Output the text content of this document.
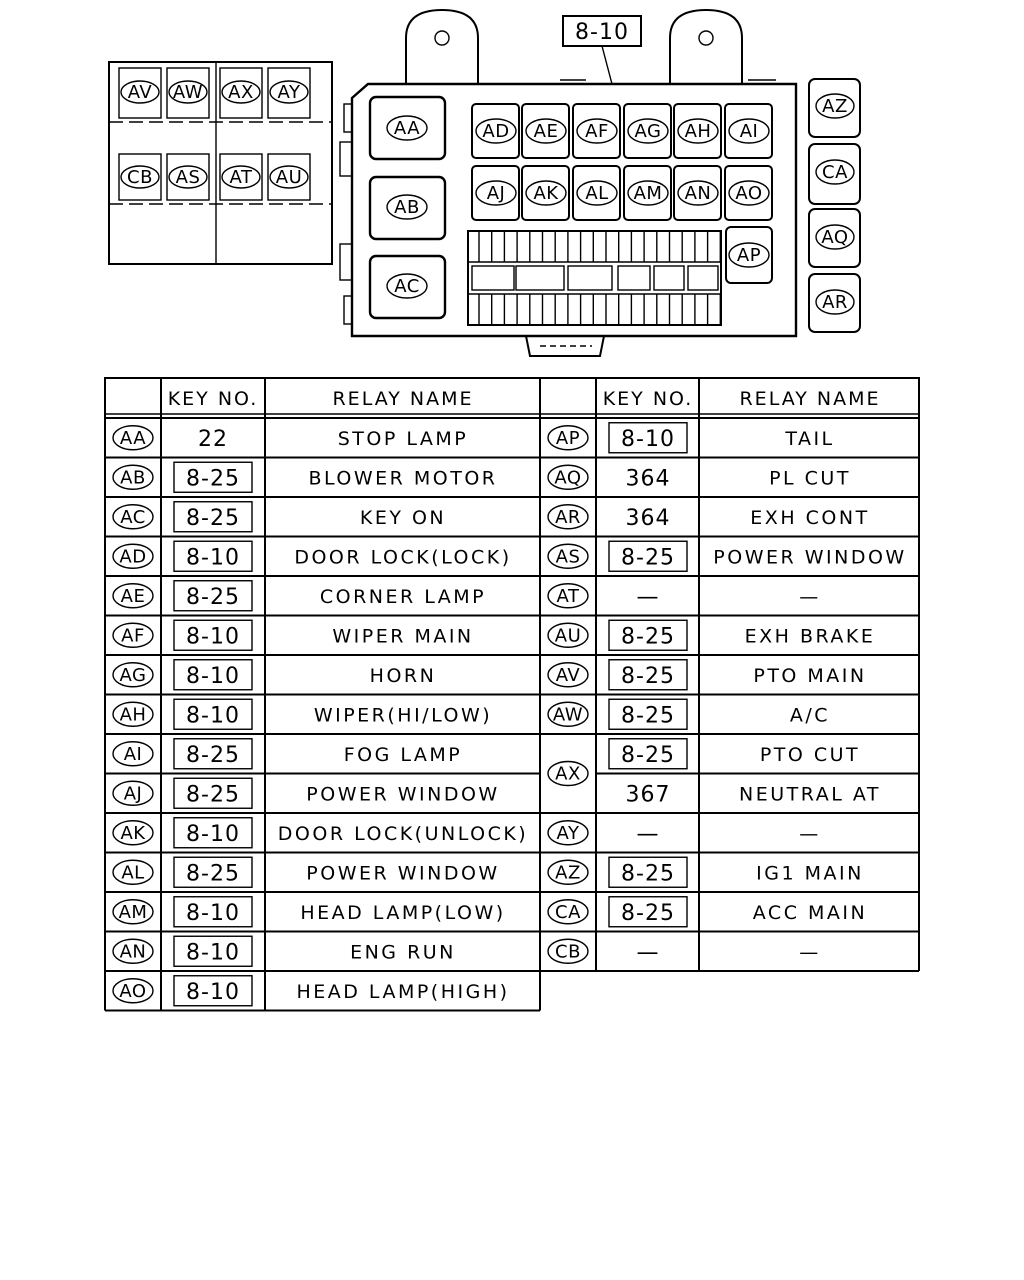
AV AW AX AY
CB AS AT AU
AA
AB
AC
AD AE AF AG AH AI
AJ AK AL AM AN AO
AP
AZ
CA
AQ
AR
8-10
KEY NO.	RELAY NAME	KEY NO. RELAY NAME
AA 22	STOP LAMP
AB 8-25	BLOWER MOTOR
AC 8-25	KEY ON
AD 8-10	DOOR LOCK(LOCK)
AE 8-25	CORNER LAMP
AF 8-10	WIPER MAIN
AG 8-10	HORN
AH 8-10	WIPER(HI/LOW)
AI 8-25	FOG LAMP
AJ 8-25	POWER WINDOW
AK 8-10 DOOR LOCK(UNLOCK)
AL 8-25	POWER WINDOW
AM 8-10	HEAD LAMP(LOW)
AN 8-10	ENG RUN
AO 8-10	HEAD LAMP(HIGH)
AP 8-10	TAIL
AQ 364	PL CUT
AR 364	EXH CONT
AS 8-25 POWER WINDOW
AT	—	—
AU 8-25	EXH BRAKE
AV 8-25	PTO MAIN
AW 8-25	A/C
AX
8-25	PTO CUT
367	NEUTRAL AT
AY	—	—
AZ 8-25	IG1 MAIN
CA 8-25	ACC MAIN
CB	—	—
